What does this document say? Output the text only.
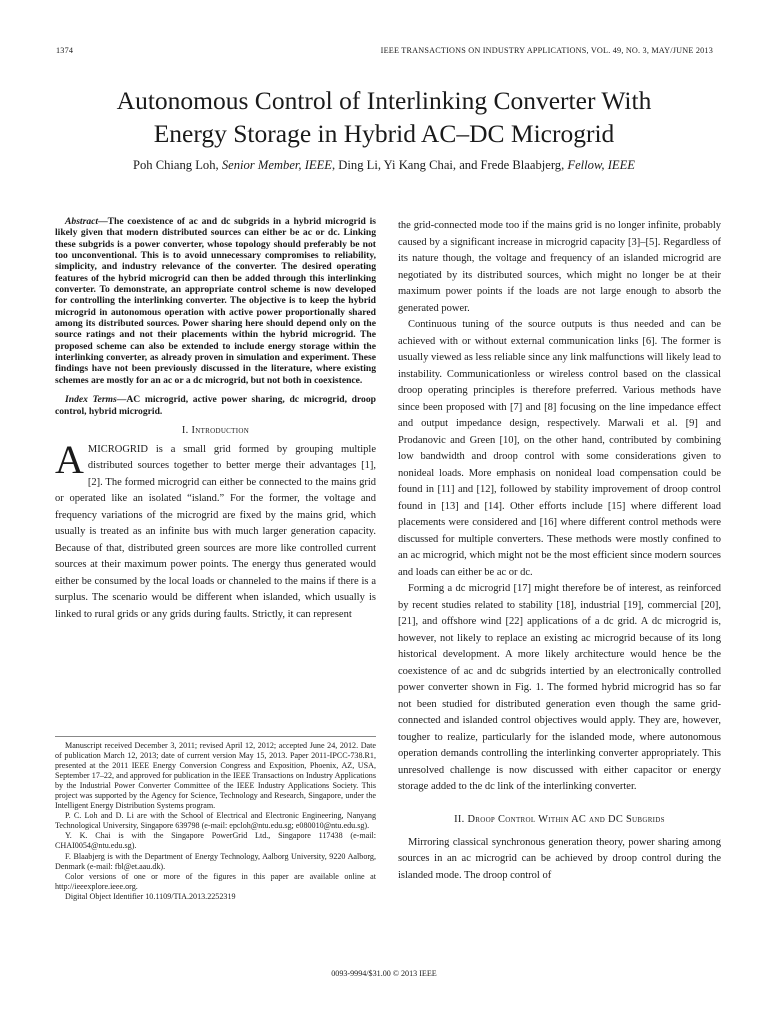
1374	IEEE TRANSACTIONS ON INDUSTRY APPLICATIONS, VOL. 49, NO. 3, MAY/JUNE 2013
Autonomous Control of Interlinking Converter With
Energy Storage in Hybrid AC–DC Microgrid
Poh Chiang Loh, Senior Member, IEEE, Ding Li, Yi Kang Chai, and Frede Blaabjerg, Fellow, IEEE

Abstract—The coexistence of ac and dc subgrids in a hybrid microgrid is likely given that modern distributed sources can either be ac or dc. Linking these subgrids is a power converter, whose topology should preferably be not too unconventional. This is to avoid unnecessary compromises to reliability, simplicity, and industry relevance of the converter. The desired operating features of the hybrid microgrid can then be added through this interlinking converter. To demonstrate, an appropriate control scheme is now developed for controlling the interlinking converter. The objective is to keep the hybrid microgrid in autonomous operation with active power proportionally shared among its distributed sources. Power sharing here should depend only on the source ratings and not their placements within the hybrid microgrid. The proposed scheme can also be extended to include energy storage within the interlinking converter, as already proven in simulation and experiment. These findings have not been previously discussed in the literature, where existing schemes are mostly for an ac or a dc microgrid, but not both in coexistence.

Index Terms—AC microgrid, active power sharing, dc microgrid, droop control, hybrid microgrid.

I. Introduction

AMICROGRID is a small grid formed by grouping multiple distributed sources together to better merge their advantages [1], [2]. The formed microgrid can either be connected to the mains grid or operated like an isolated “island.” For the former, the voltage and frequency variations of the microgrid are fixed by the mains grid, which usually is treated as an infinite bus with much larger generation capacity. Because of that, distributed green sources are more like controlled current sources at their maximum power points. The energy thus generated would either be consumed by the local loads or channeled to the mains if there is a surplus. The scenario would be different when islanded, which usually is linked to rural grids or any grids during faults. Strictly, it can represent

Manuscript received December 3, 2011; revised April 12, 2012; accepted June 24, 2012. Date of publication March 12, 2013; date of current version May 15, 2013. Paper 2011-IPCC-738.R1, presented at the 2011 IEEE Energy Conversion Congress and Exposition, Phoenix, AZ, USA, September 17–22, and approved for publication in the IEEE Transactions on Industry Applications by the Industrial Power Converter Committee of the IEEE Industry Applications Society. This project was supported by the Agency for Science, Technology and Research, Singapore, under the Intelligent Energy Distribution Systems program.

P. C. Loh and D. Li are with the School of Electrical and Electronic Engineering, Nanyang Technological University, Singapore 639798 (e-mail: epcloh@ntu.edu.sg; e080010@ntu.edu.sg).

Y. K. Chai is with the Singapore PowerGrid Ltd., Singapore 117438 (e-mail: CHAI0054@ntu.edu.sg).

F. Blaabjerg is with the Department of Energy Technology, Aalborg University, 9220 Aalborg, Denmark (e-mail: fbl@et.aau.dk).

Color versions of one or more of the figures in this paper are available online at http://ieeexplore.ieee.org.

Digital Object Identifier 10.1109/TIA.2013.2252319

the grid-connected mode too if the mains grid is no longer infinite, probably caused by a significant increase in microgrid capacity [3]–[5]. Regardless of its nature though, the voltage and frequency of an islanded microgrid are negotiated by its distributed sources, which might no longer be at their maximum power points if the loads are not large enough to absorb the generated power.

Continuous tuning of the source outputs is thus needed and can be achieved with or without external communication links [6]. The former is usually viewed as less reliable since any link malfunctions will likely lead to instability. Communicationless or wireless control based on the classical droop operating principles is therefore preferred. Various methods have since been proposed with [7] and [8] focusing on the line impedance effect and output impedance design, respectively. Marwali et al. [9] and Prodanovic and Green [10], on the other hand, contributed by combining low bandwidth and droop control with some considerations given to nonideal loads. More emphasis on nonideal load compensation could be found in [11] and [12], followed by stability improvement of droop control found in [13] and [14]. Other efforts include [15] where different load placements were considered and [16] where different control methods were discussed for multiple converters. These methods were mostly confined to an ac microgrid, which might not be the most efficient since modern sources and loads can either be ac or dc.

Forming a dc microgrid [17] might therefore be of interest, as reinforced by recent studies related to stability [18], industrial [19], commercial [20], [21], and offshore wind [22] applications of a dc grid. A dc microgrid is, however, not likely to replace an existing ac microgrid because of its long historical development. A more likely architecture would hence be the coexistence of ac and dc subgrids intertied by an electronically controlled power converter shown in Fig. 1. The formed hybrid microgrid has so far not been studied for distributed generation even though the same grid-connected and islanded control objectives would apply. They are, however, tougher to realize, particularly for the islanded mode, where autonomous operation demands controlling the interlinking converter appropriately. This unresolved challenge is now discussed with either capacitor or energy storage added to the dc link of the interlinking converter.

II. Droop Control Within AC and DC Subgrids

Mirroring classical synchronous generation theory, power sharing among sources in an ac microgrid can be achieved by droop control during the islanded mode. The droop control of

0093-9994/$31.00 © 2013 IEEE
